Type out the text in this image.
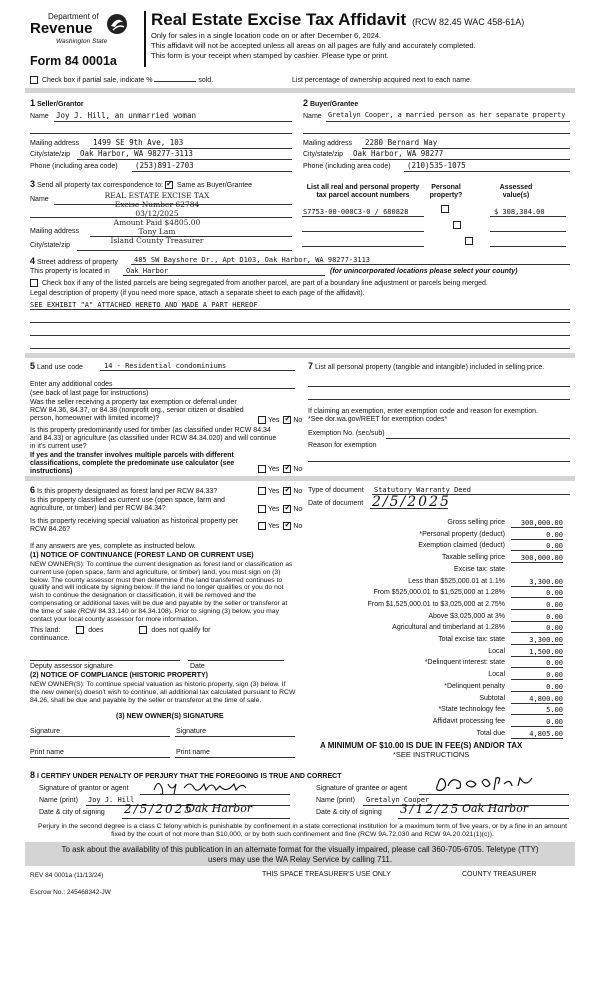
Department of
Revenue
Washington State
Form 84 0001a
Real Estate Excise Tax Affidavit (RCW 82.45 WAC 458-61A)
Only for sales in a single location code on or after December 6, 2024.
This affidavit will not be accepted unless all areas on all pages are fully and accurately completed.
This form is your receipt when stamped by cashier. Please type or print.
Check box if partial sale, indicate %	sold.	List percentage of ownership acquired next to each name.
1 Seller/Grantor
Name Joy J. Hill, an unmarried woman
Mailing address 1499 SE 9th Ave, 103
City/state/zip Oak Harbor, WA 98277-3113
Phone (including area code) (253)891-2703
2 Buyer/Grantee
Name Gretalyn Cooper, a married person as her separate property
Mailing address 2280 Bernard Way
City/state/zip Oak Harbor, WA 98277
Phone (including area code) (210)535-1075
3 Send all property tax correspondence to: ✓ Same as Buyer/Grantee
Name
Mailing address
City/state/zip
REAL ESTATE EXCISE TAX
Excise Number 62784
03/12/2025
Amount Paid $4805.00
Tony Lam
Island County Treasurer
List all real and personal property tax parcel account numbers
Personal property?
Assessed value(s)
S7753-00-000C3-0 / 680828	$ 308,384.00

4 Street address of property 485 SW Bayshore Dr., Apt D103, Oak Harbor, WA 98277-3113
This property is located in Oak Harbor	(for unincorporated locations please select your county)
Check box if any of the listed parcels are being segregated from another parcel, are part of a boundary line adjustment or parcels being merged.
Legal description of property (if you need more space, attach a separate sheet to each page of the affidavit).
SEE EXHIBIT "A" ATTACHED HERETO AND MADE A PART HEREOF
5 Land use code	14 - Residential condominiums
Enter any additional codes
(see back of last page for instructions)
Was the seller receiving a property tax exemption or deferral under RCW 84.36, 84.37, or 84.38 (nonprofit org., senior citizen or disabled person, homeowner with limited income)?	Yes ✓ No
Is this property predominantly used for timber (as classified under RCW 84.34 and 84.33) or agriculture (as classified under RCW 84.34.020) and will continue in it's current use?
If yes and the transfer involves multiple parcels with different classifications, complete the predominate use calculator (see instructions)	Yes ✓ No
7 List all personal property (tangible and intangible) included in selling price.
If claiming an exemption, enter exemption code and reason for exemption.
*See dor.wa.gov/REET for exemption codes*
Exemption No. (sec/sub)
Reason for exemption
6 Is this property designated as forest land per RCW 84.33?	Yes ✓ No
Is this property classified as current use (open space, farm and agriculture, or timber) land per RCW 84.34?	Yes ✓ No
Is this property receiving special valuation as historical property per RCW 84.26?	Yes ✓ No
If any answers are yes, complete as instructed below.
(1) NOTICE OF CONTINUANCE (FOREST LAND OR CURRENT USE)
NEW OWNER(S): To continue the current designation as forest land or classification as current use (open space, farm and agriculture, or timber) land, you must sign on (3) below. The county assessor must then determine if the land transferred continues to qualify and will indicate by signing below. If the land no longer qualifies or you do not wish to continue the designation or classification, it will be removed and the compensating or additional taxes will be due and payable by the seller or transferor at the time of sale (RCW 84.33.140 or 84.34.108). Prior to signing (3) below, you may contact your local county assessor for more information.
This land:	does	does not qualify for
continuance.
Deputy assessor signature	Date
(2) NOTICE OF COMPLIANCE (HISTORIC PROPERTY)
NEW OWNER(S): To continue special valuation as historic property, sign (3) below. If the new owner(s) doesn't wish to continue, all additional tax calculated pursuant to RCW 84.26, shall be due and payable by the seller or transferor at the time of sale.
(3) NEW OWNER(S) SIGNATURE
Signature	Signature
Print name	Print name
Type of document Statutory Warranty Deed
Date of document 2/5/2025
Gross selling price	300,000.00
*Personal property (deduct)	0.00
Exemption claimed (deduct)	0.00
Taxable selling price	300,000.00
Excise tax: state
Less than $525,000.01 at 1.1%	3,300.00
From $525,000.01 to $1,525,000 at 1.28%	0.00
From $1,525,000.01 to $3,025,000 at 2.75%	0.00
Above $3,025,000 at 3%	0.00
Agricultural and timberland at 1.28%	0.00
Total excise tax: state	3,300.00
Local	1,500.00
*Delinquent interest: state	0.00
Local	0.00
*Delinquent penalty	0.00
Subtotal	4,800.00
*State technology fee	5.00
Affidavit processing fee	0.00
Total due	4,805.00
A MINIMUM OF $10.00 IS DUE IN FEE(S) AND/OR TAX
*SEE INSTRUCTIONS
8 I CERTIFY UNDER PENALTY OF PERJURY THAT THE FOREGOING IS TRUE AND CORRECT
Signature of grantor or agent
Name (print) Joy J. Hill
Date & city of signing 2/5/2025
Oak Harbor
Signature of grantee or agent
Name (print) Gretalyn Cooper
Date & city of signing 3/12/25 Oak Harbor
Perjury in the second degree is a class C felony which is punishable by confinement in a state correctional institution for a maximum term of five years, or by a fine in an amount fixed by the court of not more than $10,000, or by both such confinement and fine (RCW 9A.72.030 and RCW 9A.20.021(1)(c)).
To ask about the availability of this publication in an alternate format for the visually impaired, please call 360-705-6705. Teletype (TTY) users may use the WA Relay Service by calling 711.
REV 84 0001a (11/13/24)	THIS SPACE TREASURER'S USE ONLY	COUNTY TREASURER
Escrow No.: 245468342-JW
